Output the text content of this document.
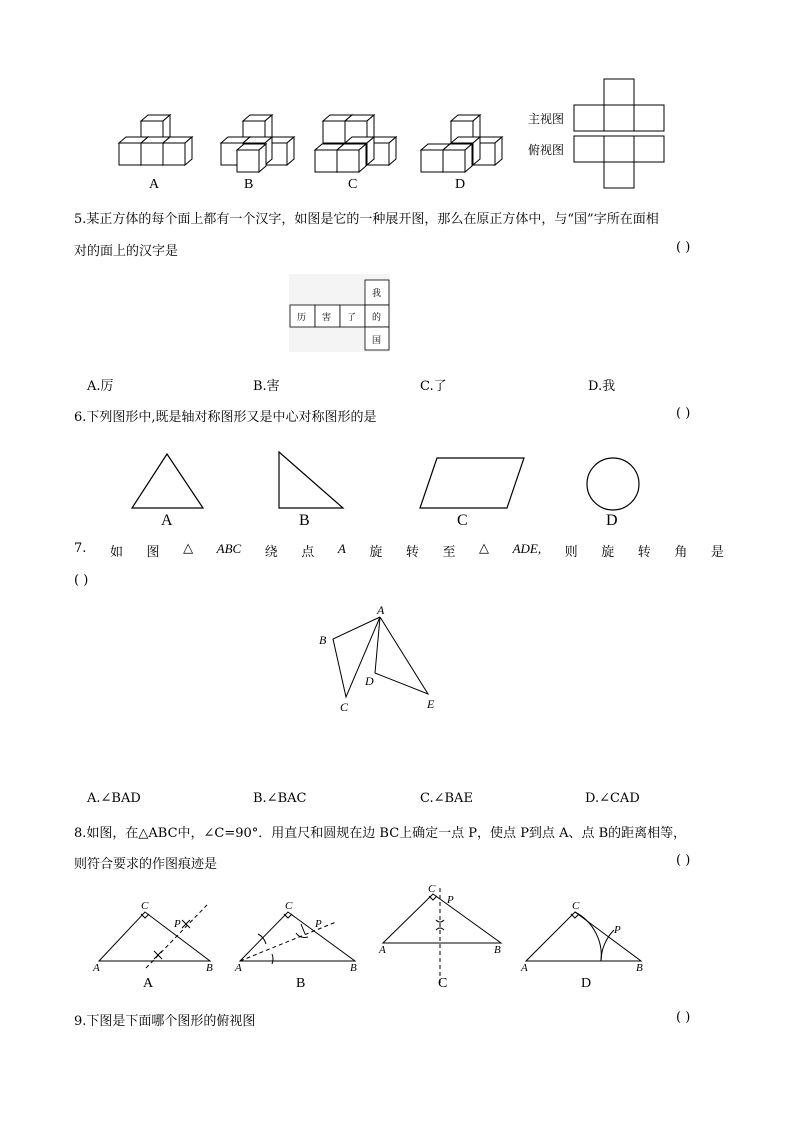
A	B	C	D
主视图
俯视图
5.某正方体的每个面上都有一个汉字，如图是它的一种展开图，那么在原正方体中，与“国”字所在面相
对的面上的汉字是	( )
历 害 了
我
的
国
A.厉	B.害	C.了	D.我
6.下列图形中,既是轴对称图形又是中心对称图形的是	( )
A	B	C	D
7. 如 图 △ ABC 绕 点 A 旋 转 至 △ ADE, 则 旋 转 角 是
( )
A
B
C
D
E
A.∠BAD	B.∠BAC	C.∠BAE	D.∠CAD
8.如图，在△ABC中，∠C=90°．用直尺和圆规在边 BC上确定一点 P，使点 P到点 A、点 B的距离相等，
则符合要求的作图痕迹是	( )
C
P
A	B
C
P
A	B
C
P
A	B
C
P
A	B
A	B	C	D
9.下图是下面哪个图形的俯视图	( )
